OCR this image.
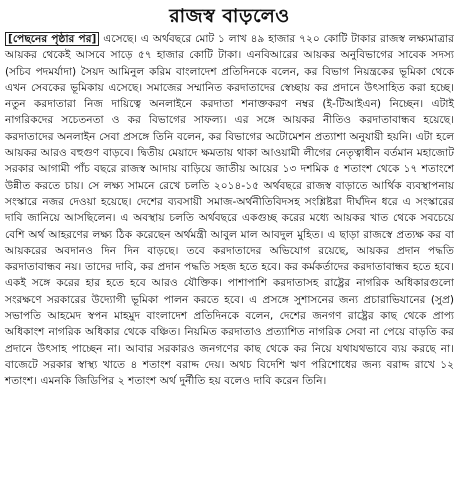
রাজস্ব বাড়লেও

[পেছনের পৃষ্ঠার পর] এসেছে। এ অর্থবছরে মোট ১ লাখ ৪৯ হাজার ৭২০ কোটি টাকার রাজস্ব লক্ষ্যমাত্রার আয়কর থেকেই আসবে সাড়ে ৫৭ হাজার কোটি টাকা। এনবিআরের আয়কর অনুবিভাগের সাবেক সদস্য (সচিব পদমর্যাদা) সৈয়দ আমিনুল করিম বাংলাদেশ প্রতিদিনকে বলেন, কর বিভাগ নিয়ন্ত্রকের ভূমিকা থেকে এখন সেবকের ভূমিকায় এসেছে। সমাজের সম্মানিত করদাতাদের স্বেচ্ছায় কর প্রদানে উৎসাহিত করা হচ্ছে। নতুন করদাতারা নিজ দায়িত্বে অনলাইনে করদাতা শনাক্তকরণ নম্বর (ই-টিআইএন) নিচ্ছেন। এটাই নাগরিকদের সচেতনতা ও কর বিভাগের সাফল্য। এর সঙ্গে আয়কর নীতিও করদাতাবান্ধব হয়েছে। করদাতাদের অনলাইন সেবা প্রসঙ্গে তিনি বলেন, কর বিভাগের অটোমেশন প্রত্যাশা অনুযায়ী হয়নি। এটা হলে আয়কর আরও বহুগুণ বাড়বে। দ্বিতীয় মেয়াদে ক্ষমতায় থাকা আওয়ামী লীগের নেতৃত্বাধীন বর্তমান মহাজোট সরকার আগামী পাঁচ বছরে রাজস্ব আদায় বাড়িয়ে জাতীয় আয়ের ১৩ দশমিক ৫ শতাংশ থেকে ১৭ শতাংশে উন্নীত করতে চায়। সে লক্ষ্য সামনে রেখে চলতি ২০১৪-১৫ অর্থবছরে রাজস্ব বাড়াতে আর্থিক ব্যবস্থাপনায় সংস্কারে নজর দেওয়া হয়েছে। দেশের ব্যবসায়ী সমাজ-অর্থনীতিবিদসহ সংশ্লিষ্টরা দীর্ঘদিন ধরে এ সংস্কারের দাবি জানিয়ে আসছিলেন। এ অবস্থায় চলতি অর্থবছরে একগুচ্ছ করের মধ্যে আয়কর খাত থেকে সবচেয়ে বেশি অর্থ আহরণের লক্ষ্য ঠিক করেছেন অর্থমন্ত্রী আবুল মাল আবদুল মুহিত। এ ছাড়া রাজস্বে প্রত্যক্ষ কর বা আয়করের অবদানও দিন দিন বাড়ছে। তবে করদাতাদের অভিযোগ রয়েছে, আয়কর প্রদান পদ্ধতি করদাতাবান্ধব নয়। তাদের দাবি, কর প্রদান পদ্ধতি সহজ হতে হবে। কর কর্মকর্তাদের করদাতাবান্ধব হতে হবে। একই সঙ্গে করের হার হতে হবে আরও যৌক্তিক। পাশাপাশি করদাতাসহ রাষ্ট্রের নাগরিক অধিকারগুলো সংরক্ষণে সরকারের উদ্যোগী ভূমিকা পালন করতে হবে। এ প্রসঙ্গে সুশাসনের জন্য প্রচারাভিযানের (সুপ্র) সভাপতি আহমেদ স্বপন মাহমুদ বাংলাদেশ প্রতিদিনকে বলেন, দেশের জনগণ রাষ্ট্রের কাছ থেকে প্রাপ্য অধিকাংশ নাগরিক অধিকার থেকে বঞ্চিত। নিয়মিত করদাতাও প্রত্যাশিত নাগরিক সেবা না পেয়ে বাড়তি কর প্রদানে উৎসাহ পাচ্ছেন না। আবার সরকারও জনগণের কাছ থেকে কর নিয়ে যথাযথভাবে ব্যয় করছে না। বাজেটে সরকার স্বাস্থ্য খাতে ৪ শতাংশ বরাদ্দ দেয়। অথচ বিদেশি ঋণ পরিশোধের জন্য বরাদ্দ রাখে ১২ শতাংশ। এমনকি জিডিপির ২ শতাংশ অর্থ দুর্নীতি হয় বলেও দাবি করেন তিনি।
